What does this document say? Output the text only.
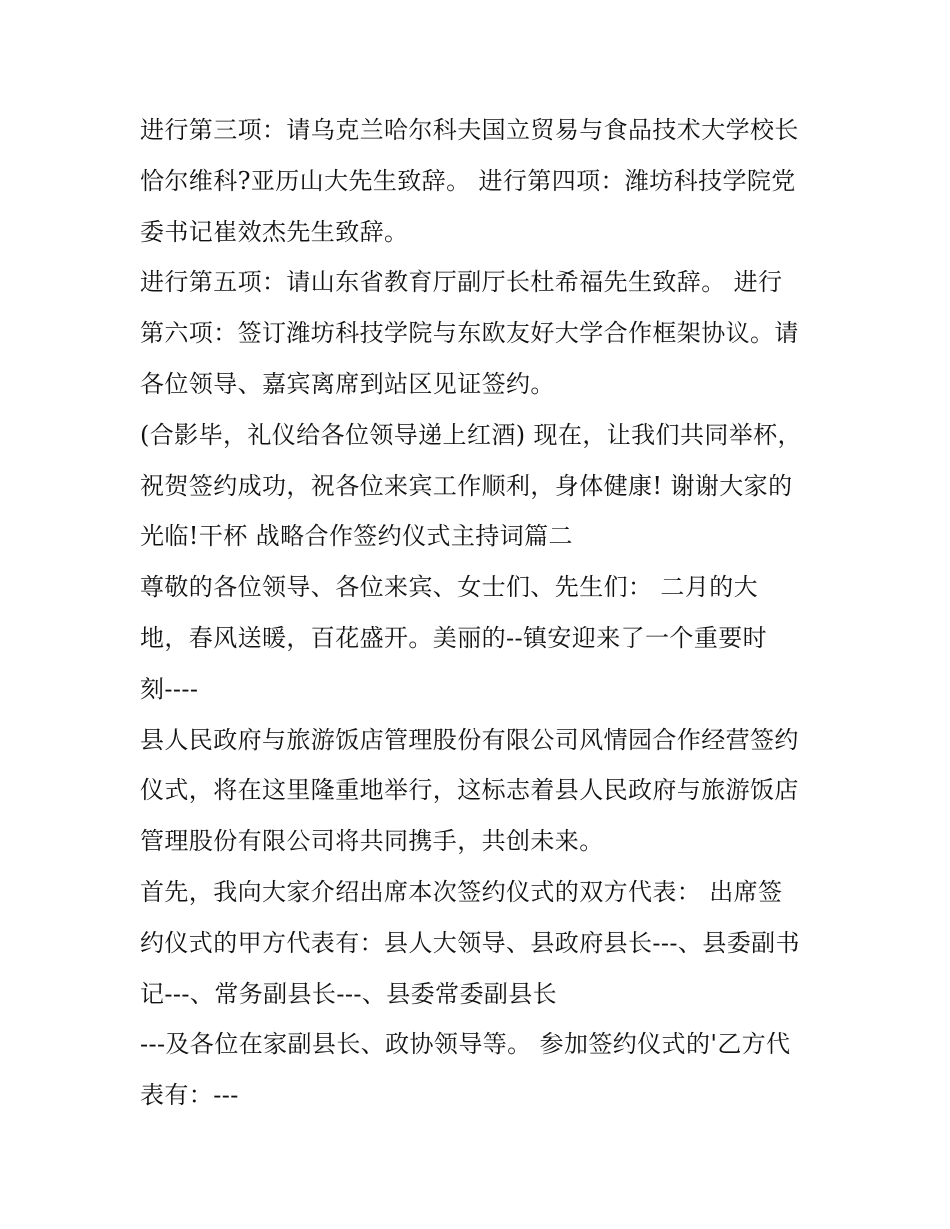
进行第三项：请乌克兰哈尔科夫国立贸易与食品技术大学校长
恰尔维科?亚历山大先生致辞。 进行第四项：潍坊科技学院党
委书记崔效杰先生致辞。
进行第五项：请山东省教育厅副厅长杜希福先生致辞。 进行
第六项：签订潍坊科技学院与东欧友好大学合作框架协议。请
各位领导、嘉宾离席到站区见证签约。
(合影毕，礼仪给各位领导递上红酒) 现在，让我们共同举杯，
祝贺签约成功，祝各位来宾工作顺利，身体健康! 谢谢大家的
光临!干杯 战略合作签约仪式主持词篇二
尊敬的各位领导、各位来宾、女士们、先生们： 二月的大
地，春风送暖，百花盛开。美丽的--镇安迎来了一个重要时
刻----
县人民政府与旅游饭店管理股份有限公司风情园合作经营签约
仪式，将在这里隆重地举行，这标志着县人民政府与旅游饭店
管理股份有限公司将共同携手，共创未来。
首先，我向大家介绍出席本次签约仪式的双方代表： 出席签
约仪式的甲方代表有：县人大领导、县政府县长---、县委副书
记---、常务副县长---、县委常委副县长
---及各位在家副县长、政协领导等。 参加签约仪式的'乙方代
表有：---
